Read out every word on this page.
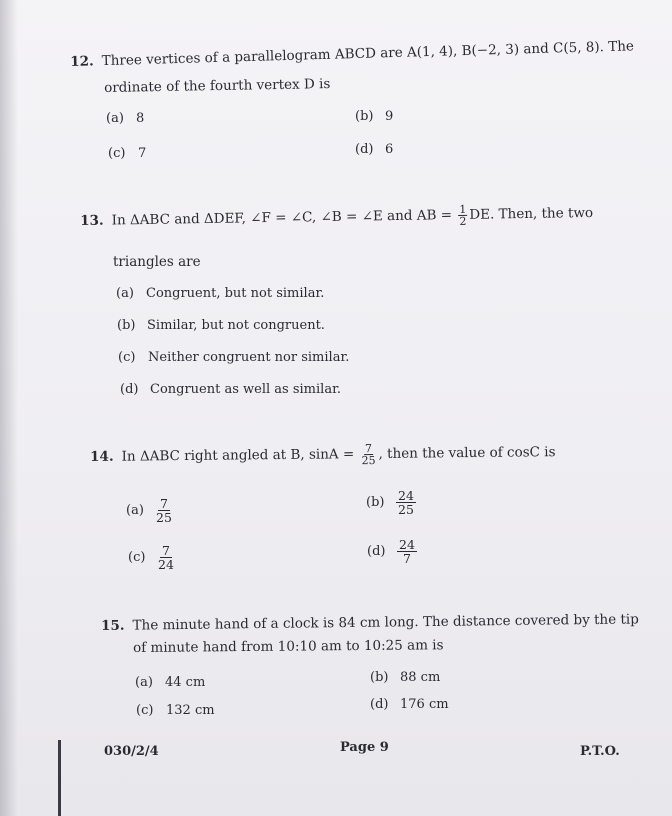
12. Three vertices of a parallelogram ABCD are A(1, 4), B(−2, 3) and C(5, 8). The
ordinate of the fourth vertex D is
(a) 8	(b) 9
(c) 7	(d) 6
13. In ΔABC and ΔDEF, ∠F = ∠C, ∠B = ∠E and AB = $\frac{1}{2}$ DE. Then, the two
triangles are
(a) Congruent, but not similar.
(b) Similar, but not congruent.
(c) Neither congruent nor similar.
(d) Congruent as well as similar.
14. In ΔABC right angled at B, $\sin A = \frac{7}{25}$ , then the value of cosC is
$(a) \frac{7}{25}$	$(b) \frac{24}{25}$
$(c) \frac{7}{24}$	$(d) \frac{24}{7}$
15. The minute hand of a clock is 84 cm long. The distance covered by the tip
of minute hand from 10:10 am to 10:25 am is
(a) 44 cm	(b) 88 cm
(c) 132 cm	(d) 176 cm
030/2/4	Page 9	P.T.O.
